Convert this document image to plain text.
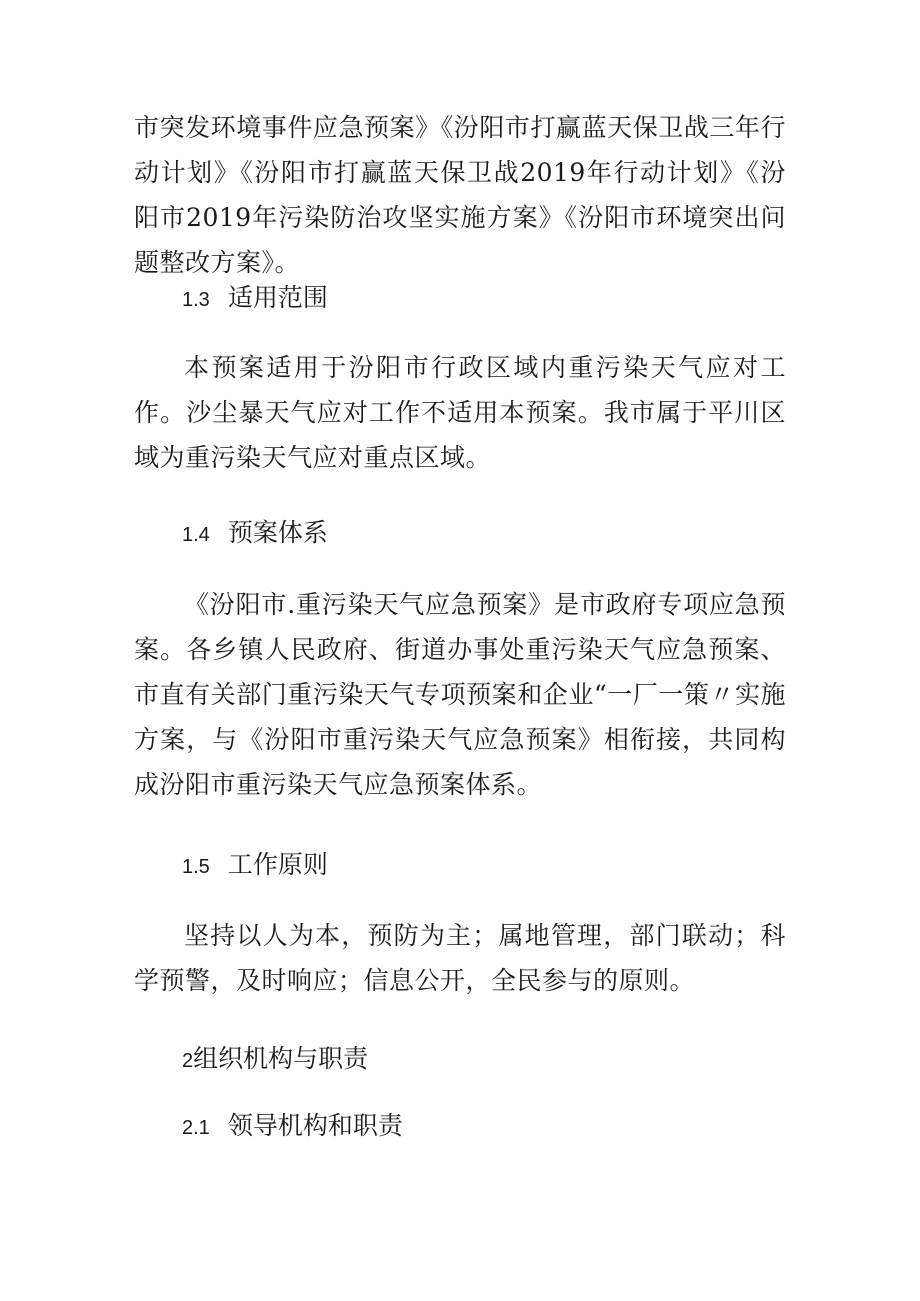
市突发环境事件应急预案》《汾阳市打赢蓝天保卫战三年行动计划》《汾阳市打赢蓝天保卫战2019年行动计划》《汾阳市2019年污染防治攻坚实施方案》《汾阳市环境突出问题整改方案》。

1.3 适用范围

本预案适用于汾阳市行政区域内重污染天气应对工作。沙尘暴天气应对工作不适用本预案。我市属于平川区域为重污染天气应对重点区域。

1.4 预案体系

《汾阳市.重污染天气应急预案》是市政府专项应急预案。各乡镇人民政府、街道办事处重污染天气应急预案、市直有关部门重污染天气专项预案和企业“一厂一策〃实施方案，与《汾阳市重污染天气应急预案》相衔接，共同构成汾阳市重污染天气应急预案体系。

1.5 工作原则

坚持以人为本，预防为主；属地管理，部门联动；科学预警，及时响应；信息公开，全民参与的原则。

2组织机构与职责

2.1 领导机构和职责
